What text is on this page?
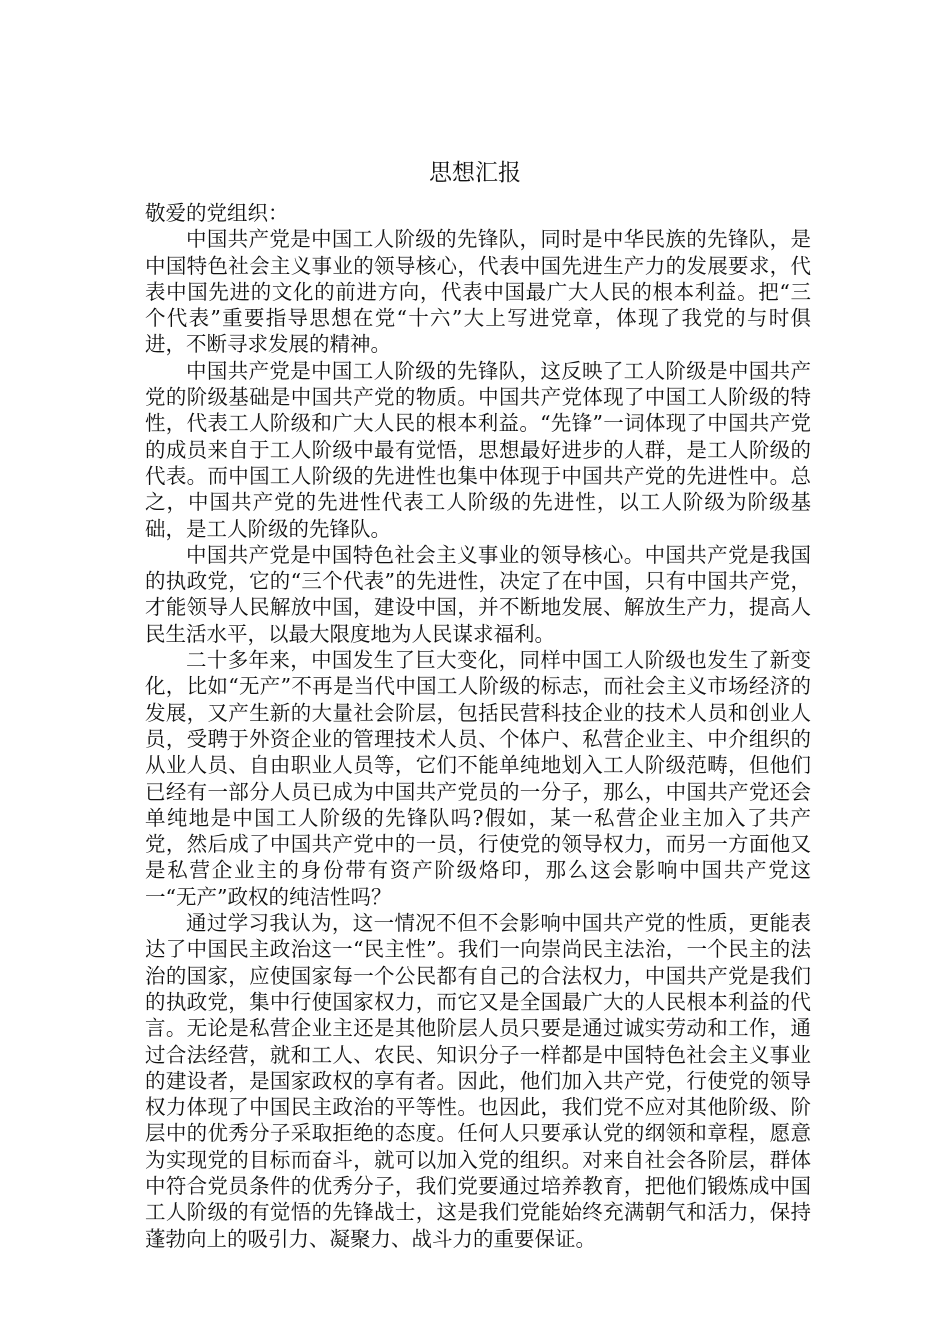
思想汇报

敬爱的党组织：

中国共产党是中国工人阶级的先锋队，同时是中华民族的先锋队，是中国特色社会主义事业的领导核心，代表中国先进生产力的发展要求，代表中国先进的文化的前进方向，代表中国最广大人民的根本利益。把“三个代表”重要指导思想在党“十六”大上写进党章，体现了我党的与时俱进，不断寻求发展的精神。

中国共产党是中国工人阶级的先锋队，这反映了工人阶级是中国共产党的阶级基础是中国共产党的物质。中国共产党体现了中国工人阶级的特性，代表工人阶级和广大人民的根本利益。“先锋”一词体现了中国共产党的成员来自于工人阶级中最有觉悟，思想最好进步的人群，是工人阶级的代表。而中国工人阶级的先进性也集中体现于中国共产党的先进性中。总之，中国共产党的先进性代表工人阶级的先进性，以工人阶级为阶级基础，是工人阶级的先锋队。

中国共产党是中国特色社会主义事业的领导核心。中国共产党是我国的执政党，它的“三个代表”的先进性，决定了在中国，只有中国共产党，才能领导人民解放中国，建设中国，并不断地发展、解放生产力，提高人民生活水平，以最大限度地为人民谋求福利。

二十多年来，中国发生了巨大变化，同样中国工人阶级也发生了新变化，比如“无产”不再是当代中国工人阶级的标志，而社会主义市场经济的发展，又产生新的大量社会阶层，包括民营科技企业的技术人员和创业人员，受聘于外资企业的管理技术人员、个体户、私营企业主、中介组织的从业人员、自由职业人员等，它们不能单纯地划入工人阶级范畴，但他们已经有一部分人员已成为中国共产党员的一分子，那么，中国共产党还会单纯地是中国工人阶级的先锋队吗?假如，某一私营企业主加入了共产党，然后成了中国共产党中的一员，行使党的领导权力，而另一方面他又是私营企业主的身份带有资产阶级烙印，那么这会影响中国共产党这一“无产”政权的纯洁性吗？

通过学习我认为，这一情况不但不会影响中国共产党的性质，更能表达了中国民主政治这一“民主性”。我们一向崇尚民主法治，一个民主的法治的国家，应使国家每一个公民都有自己的合法权力，中国共产党是我们的执政党，集中行使国家权力，而它又是全国最广大的人民根本利益的代言。无论是私营企业主还是其他阶层人员只要是通过诚实劳动和工作，通过合法经营，就和工人、农民、知识分子一样都是中国特色社会主义事业的建设者，是国家政权的享有者。因此，他们加入共产党，行使党的领导权力体现了中国民主政治的平等性。也因此，我们党不应对其他阶级、阶层中的优秀分子采取拒绝的态度。任何人只要承认党的纲领和章程，愿意为实现党的目标而奋斗，就可以加入党的组织。对来自社会各阶层，群体中符合党员条件的优秀分子，我们党要通过培养教育，把他们锻炼成中国工人阶级的有觉悟的先锋战士，这是我们党能始终充满朝气和活力，保持蓬勃向上的吸引力、凝聚力、战斗力的重要保证。
